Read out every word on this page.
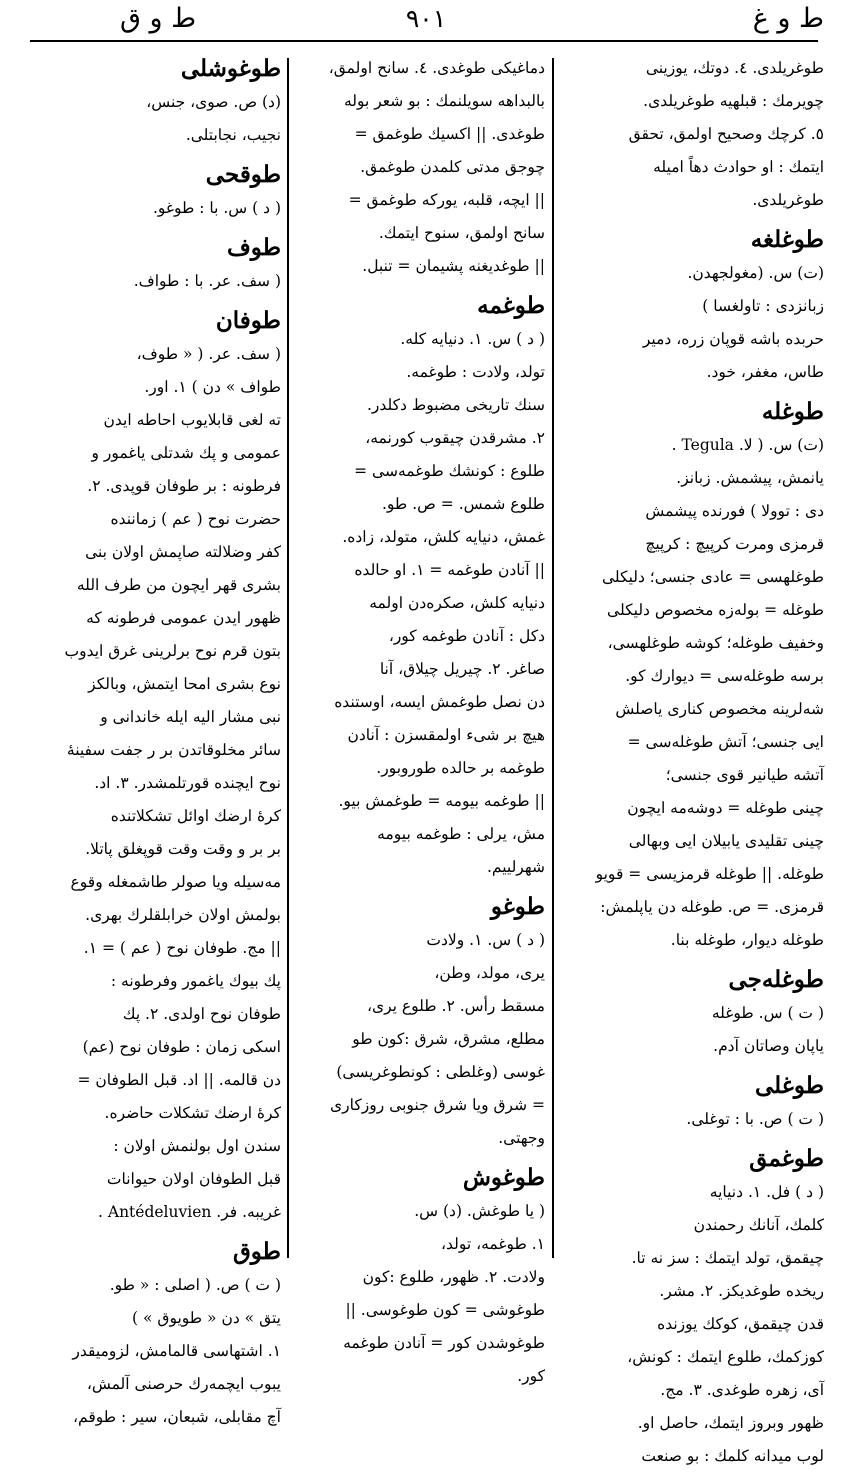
ط و غ
٩٠١
ط و ق
طوغریلدی. ٤. دوتك، یوزینی
چویرمك : قبلهیه طوغریلدی.
٥. كرچك وصحیح اولمق، تحقق
ایتمك : او حوادث دهاً امیله
طوغریلدی.
طوغلغه
(ت) س. (مغولجهدن.
زبانزدی : تاولغسا )
حربده باشه قوپان زره، دمیر
طاس، مغفر، خود.
طوغله
(ت) س. ( لا. Tegula .
یانمش، پیشمش. زبانز.
دی : توولا ) فورنده پیشمش
قرمزی ومرت كرپیچ : كرپیچ
طوغلهسی = عادی جنسی؛ دلیكلی
طوغله = بوله‌زه مخصوص دلیكلی
وخفیف طوغله؛ كوشه طوغلهسی،
برسه طوغله‌سی = دیوارك كو.
شه‌لرینه مخصوص كناری یاصلش
ایی جنسی؛ آتش طوغله‌سی =
آتشه طیانیر قوی جنسی؛
چینی طوغله = دوشه‌مه ایچون
چینی تقلیدی یابیلان ایی وبهالی
طوغله. || طوغله قرمزیسی = قویو
قرمزی. = ص. طوغله دن یاپلمش:
طوغله دیوار، طوغله بنا.
طوغله‌جی
( ت ) س. طوغله
یاپان وصاتان آدم.
طوغلی
( ت ) ص. با : توغلی.
طوغمق
( د ) فل. ١. دنیایه
كلمك، آنانك رحمندن
چیقمق، تولد ایتمك : سز نه تا.
ریخده طوغدیكز. ٢. مشر.
قدن چیقمق، كوكك یوزنده
كوزكمك، طلوع ایتمك : كونش،
آی، زهره طوغدی. ٣. مج.
ظهور وبروز ایتمك، حاصل او.
لوب میدانه كلمك : بو صنعت
دماغیكی طوغدی. ٤. سانح اولمق،
بالبداهه سویلنمك : بو شعر بوله
طوغدی. || اكسیك طوغمق =
چوجق مدتی كلمدن طوغمق.
|| ایچه، قلبه، یوركه طوغمق =
سانح اولمق، سنوح ایتمك.
|| طوغدیغنه پشیمان = تنبل.
طوغمه
( د ) س. ١. دنیایه كله.
تولد، ولادت : طوغمه.
سنك تاریخی مضبوط دكلدر.
٢. مشرقدن چیقوب كورنمه،
طلوع : كونشك طوغمه‌سی =
طلوع شمس. = ص. طو.
غمش، دنیایه كلش، متولد، زاده.
|| آنادن طوغمه = ١. او حالده
دنیایه كلش، صكره‌دن اولمه
دكل : آنادن طوغمه كور،
صاغر. ٢. چیریل چیلاق، آنا
دن نصل طوغمش ایسه، اوستنده
هیچ بر شیء اولمقسزن : آنادن
طوغمه بر حالده طوروبور.
|| طوغمه بیومه = طوغمش بیو.
مش، یرلی : طوغمه بیومه
شهرلییم.
طوغو
( د ) س. ١. ولادت
یری، مولد، وطن،
مسقط رأس. ٢. طلوع یری،
مطلع، مشرق، شرق :كون طو
غوسی (وغلطی : كونطوغریسی)
= شرق ویا شرق جنوبی روزكاری
وجهتی.
طوغوش
( یا طوغش. (د) س.
١. طوغمه، تولد،
ولادت. ٢. ظهور، طلوع :كون
طوغوشی = كون طوغوسی. ||
طوغوشدن كور = آنادن طوغمه
كور.
طوغوشلی
(د) ص. صوی، جنس،
نجیب، نجابتلی.
طوقحی
( د ) س. با : طوغو.
طوف
( سف. عر. با : طواف.
طوفان
( سف. عر. ( « طوف،
طواف » دن ) ١. اور.
ته لغی قابلایوب احاطه ایدن
عمومی و پك شدتلی یاغمور و
فرطونه : بر طوفان قوپدی. ٢.
حضرت نوح ( عم ) زماننده
كفر وضلالته صاپمش اولان بنی
بشری قهر ایچون من طرف الله
ظهور ایدن عمومی فرطونه كه
بتون قرم نوح برلرینی غرق ایدوب
نوع بشری امحا ایتمش، وبالكز
نبی مشار الیه ایله خاندانی و
سائر مخلوقاتدن بر ر جفت سفینه‌ٔ
نوح ایچنده قورتلمشدر. ٣. اد.
كره‌ٔ ارضك اوائل تشكلاتنده
بر بر و وقت وقت قوپغلق پاتلا.
مه‌سیله ویا صولر طاشمغله وقوع
بولمش اولان خرابلقلرك بهری.
|| مج. طوفان نوح ( عم ) = ١.
پك بیوك یاغمور وفرطونه :
طوفان نوح اولدی. ٢. پك
اسكی زمان : طوفان نوح (عم)
دن قالمه. || اد. قبل الطوفان =
كره‌ٔ ارضك تشكلات حاضره.
سندن اول بولنمش اولان :
قبل الطوفان اولان حیوانات
غریبه. فر. Antédeluvien .
طوق
( ت ) ص. ( اصلی : « طو.
یتق » دن « طویوق » )
١. اشتهاسی قالمامش، لزومیقدر
یبوب ایچمه‌رك حرصنی آلمش،
آچ مقابلی، شبعان، سیر : طوقم،
